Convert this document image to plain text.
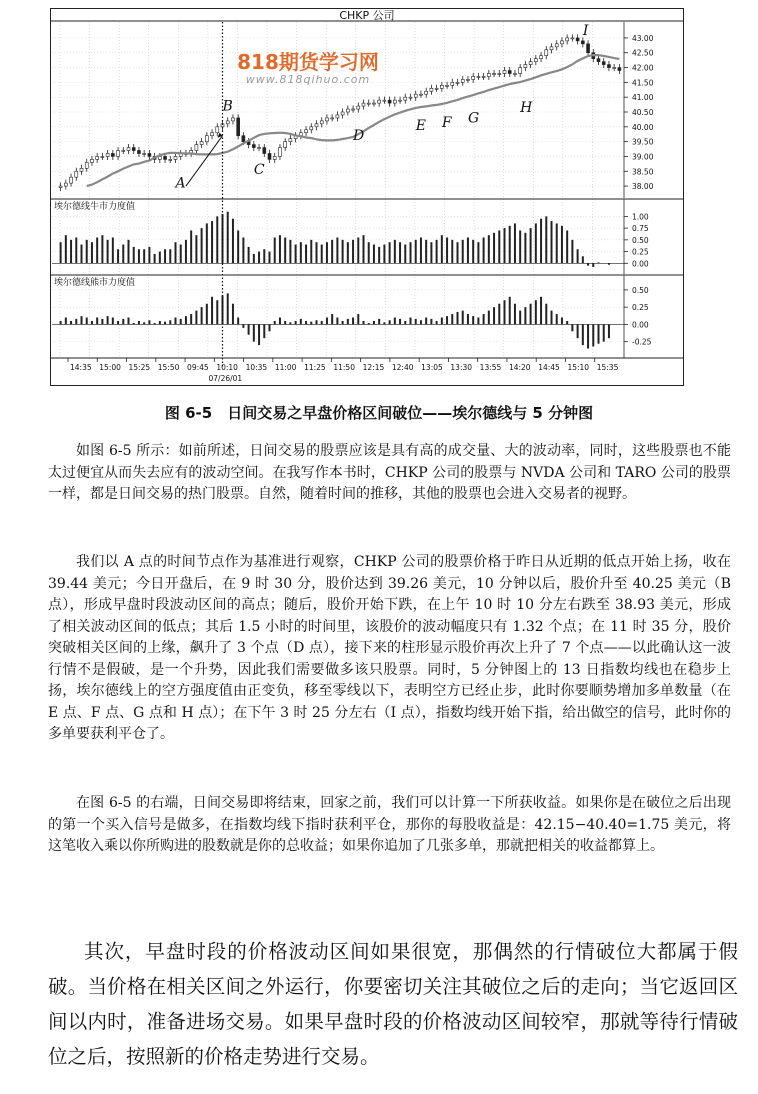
CHKP 公司
43.00
42.50
42.00
41.50
41.00
40.50
40.00
39.50
39.00
38.50
38.00
A
B
C
D
E F G
H
I
1.00
0.75
0.50
0.25
0.00
埃尔德线牛市力度值
0.50
0.25
0.00
-0.25
埃尔德线熊市力度值
14:35 15:00 15:25 15:50 09:45 10:10 10:35 11:00 11:25 11:50 12:15 12:40 13:05 13:30 13:55 14:20 14:45 15:10 15:35
07/26/01
818期货学习网
www.818qihuo.com
图 6-5　日间交易之早盘价格区间破位——埃尔德线与 5 分钟图

如图 6-5 所示：如前所述，日间交易的股票应该是具有高的成交量、大的波动率，同时，这些股票也不能太过便宜从而失去应有的波动空间。在我写作本书时，CHKP 公司的股票与 NVDA 公司和 TARO 公司的股票一样，都是日间交易的热门股票。自然，随着时间的推移，其他的股票也会进入交易者的视野。

我们以 A 点的时间节点作为基准进行观察，CHKP 公司的股票价格于昨日从近期的低点开始上扬，收在 39.44 美元；今日开盘后，在 9 时 30 分，股价达到 39.26 美元，10 分钟以后，股价升至 40.25 美元（B 点），形成早盘时段波动区间的高点；随后，股价开始下跌，在上午 10 时 10 分左右跌至 38.93 美元，形成了相关波动区间的低点；其后 1.5 小时的时间里，该股价的波动幅度只有 1.32 个点；在 11 时 35 分，股价突破相关区间的上缘，飙升了 3 个点（D 点），接下来的柱形显示股价再次上升了 7 个点——以此确认这一波行情不是假破，是一个升势，因此我们需要做多该只股票。同时，5 分钟图上的 13 日指数均线也在稳步上扬，埃尔德线上的空方强度值由正变负，移至零线以下，表明空方已经止步，此时你要顺势增加多单数量（在 E 点、F 点、G 点和 H 点）；在下午 3 时 25 分左右（I 点），指数均线开始下指，给出做空的信号，此时你的多单要获利平仓了。

在图 6-5 的右端，日间交易即将结束，回家之前，我们可以计算一下所获收益。如果你是在破位之后出现的第一个买入信号是做多，在指数均线下指时获利平仓，那你的每股收益是：42.15−40.40=1.75 美元，将这笔收入乘以你所购进的股数就是你的总收益；如果你追加了几张多单，那就把相关的收益都算上。

其次，早盘时段的价格波动区间如果很宽，那偶然的行情破位大都属于假破。当价格在相关区间之外运行，你要密切关注其破位之后的走向；当它返回区间以内时，准备进场交易。如果早盘时段的价格波动区间较窄，那就等待行情破位之后，按照新的价格走势进行交易。
